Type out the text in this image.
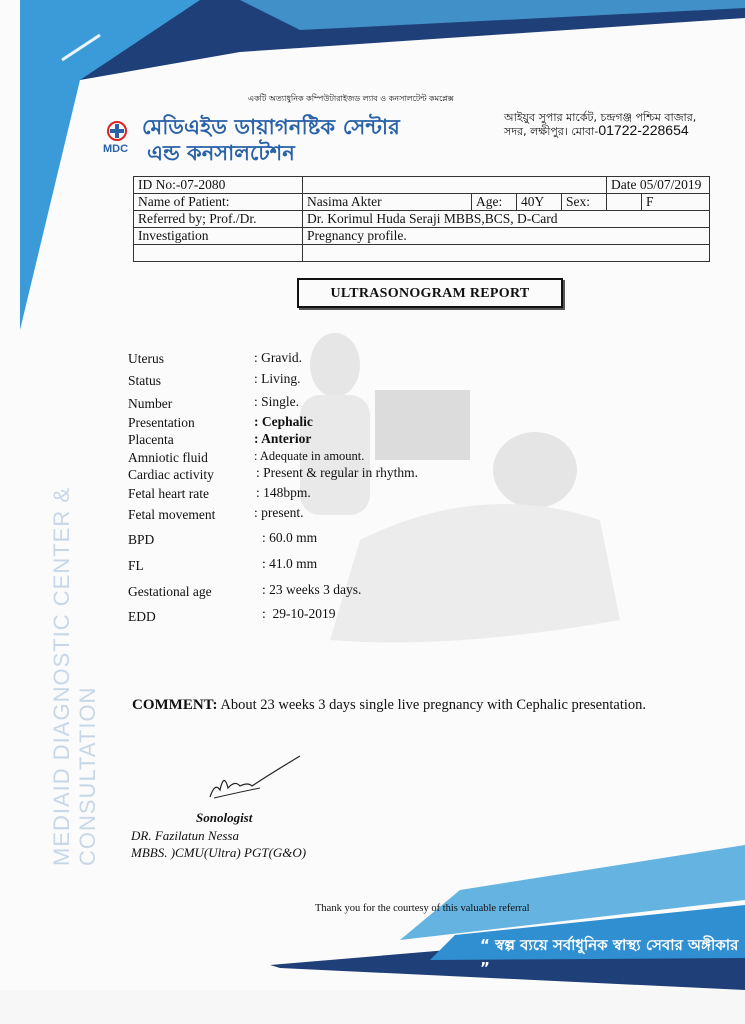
MEDIAID DIAGNOSTIC CENTER & CONSULTATION
একটি অত্যাধুনিক কম্পিউটারাইজড ল্যাব ও কনসালটেন্ট কমপ্লেক্স
MDC
মেডিএইড ডায়াগনষ্টিক সেন্টার
এন্ড কনসালটেশন
আইয়ুব সুপার মার্কেট, চন্দ্রগঞ্জ পশ্চিম বাজার,
সদর, লক্ষীপুর। মোবা-01722-228654
ID No:-07-2080					Date 05/07/2019	
Name of Patient:	Nasima Akter	Age:	40Y	Sex:		F
Referred by; Prof./Dr.	Dr. Korimul Huda Seraji MBBS,BCS, D-Card					
Investigation	Pregnancy profile.					

ULTRASONOGRAM REPORT
Uterus	: Gravid.
Status	: Living.
Number	: Single.
Presentation	: Cephalic
Placenta	: Anterior
Amniotic fluid	: Adequate in amount.
Cardiac activity	: Present & regular in rhythm.
Fetal heart rate	: 148bpm.
Fetal movement	: present.
BPD	: 60.0 mm
FL	: 41.0 mm
Gestational age	: 23 weeks 3 days.
EDD	:  29-10-2019
COMMENT: About 23 weeks 3 days single live pregnancy with Cephalic presentation.
Sonologist
DR. Fazilatun Nessa
MBBS. )CMU(Ultra) PGT(G&O)
Thank you for the courtesy of this valuable referral
“ স্বল্প ব্যয়ে সর্বাধুনিক স্বাস্থ্য সেবার অঙ্গীকার ”
